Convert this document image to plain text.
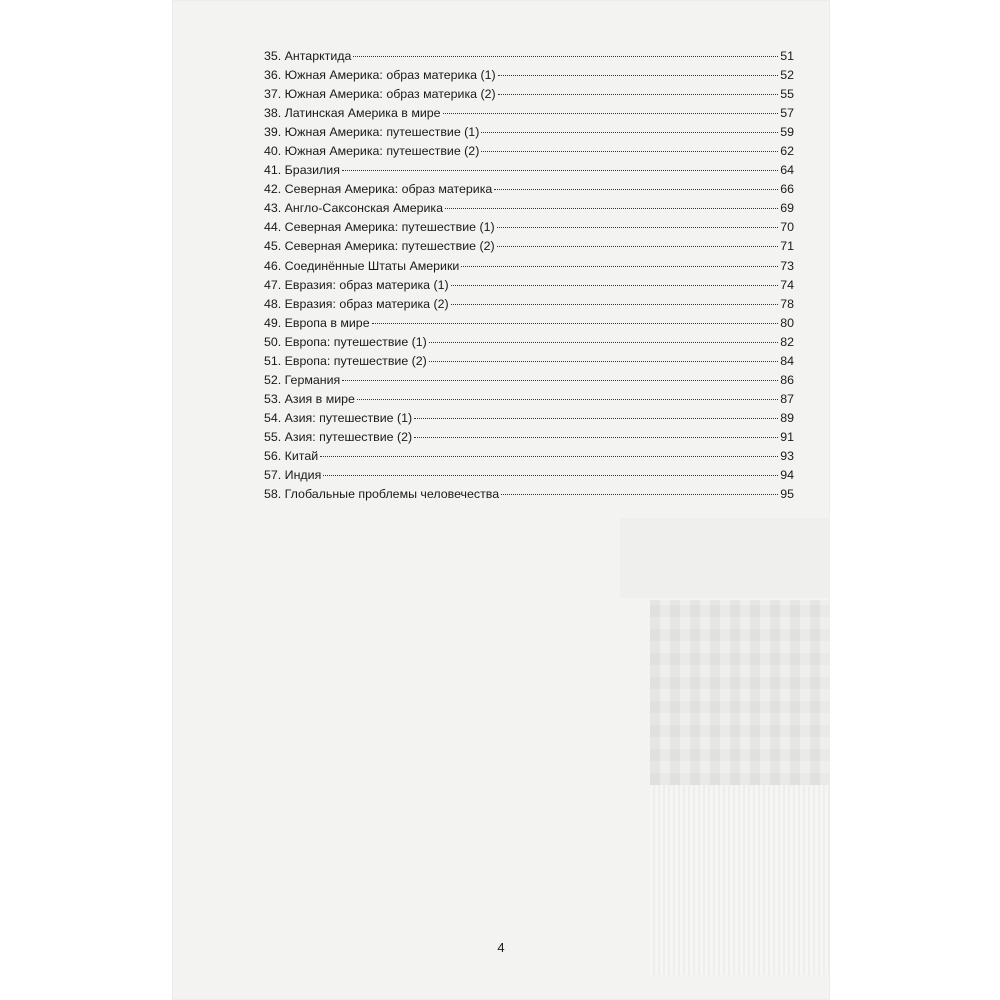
35. Антарктида	51
36. Южная Америка: образ материка (1)	52
37. Южная Америка: образ материка (2)	55
38. Латинская Америка в мире	57
39. Южная Америка: путешествие (1)	59
40. Южная Америка: путешествие (2)	62
41. Бразилия	64
42. Северная Америка: образ материка	66
43. Англо-Саксонская Америка	69
44. Северная Америка: путешествие (1)	70
45. Северная Америка: путешествие (2)	71
46. Соединённые Штаты Америки	73
47. Евразия: образ материка (1)	74
48. Евразия: образ материка (2)	78
49. Европа в мире	80
50. Европа: путешествие (1)	82
51. Европа: путешествие (2)	84
52. Германия	86
53. Азия в мире	87
54. Азия: путешествие (1)	89
55. Азия: путешествие (2)	91
56. Китай	93
57. Индия	94
58. Глобальные проблемы человечества	95
4
